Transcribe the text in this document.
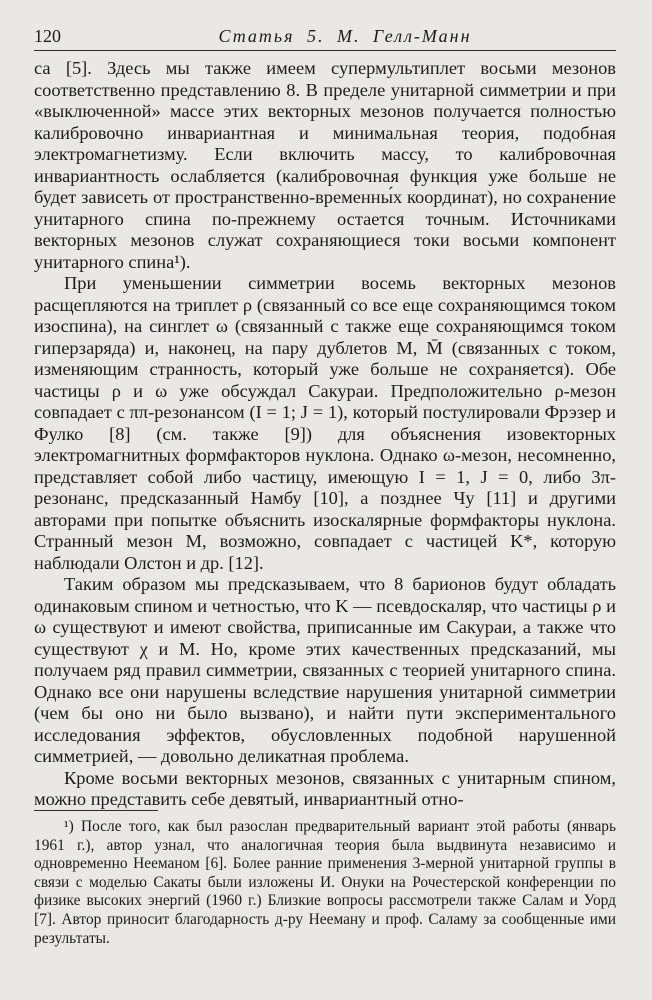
120	Статья 5. М. Гелл-Манн

са [5]. Здесь мы также имеем супермультиплет восьми мезонов соответственно представлению 8. В пределе унитарной симметрии и при «выключенной» массе этих векторных мезонов получается полностью калибровочно инвариантная и минимальная теория, подобная электромагнетизму. Если включить массу, то калибровочная инвариантность ослабляется (калибровочная функция уже больше не будет зависеть от пространственно-временны́х координат), но сохранение унитарного спина по-прежнему остается точным. Источниками векторных мезонов служат сохраняющиеся токи восьми компонент унитарного спина¹).

При уменьшении симметрии восемь векторных мезонов расщепляются на триплет ρ (связанный со все еще сохраняющимся током изоспина), на синглет ω (связанный с также еще сохраняющимся током гиперзаряда) и, наконец, на пару дублетов M, M̄ (связанных с током, изменяющим странность, который уже больше не сохраняется). Обе частицы ρ и ω уже обсуждал Сакураи. Предположительно ρ-мезон совпадает с ππ-резонансом (I = 1; J = 1), который постулировали Фрэзер и Фулко [8] (см. также [9]) для объяснения изовекторных электромагнитных формфакторов нуклона. Однако ω-мезон, несомненно, представляет собой либо частицу, имеющую I = 1, J = 0, либо 3π-резонанс, предсказанный Намбу [10], а позднее Чу [11] и другими авторами при попытке объяснить изоскалярные формфакторы нуклона. Странный мезон M, возможно, совпадает с частицей K*, которую наблюдали Олстон и др. [12].

Таким образом мы предсказываем, что 8 барионов будут обладать одинаковым спином и четностью, что K — псевдоскаляр, что частицы ρ и ω существуют и имеют свойства, приписанные им Сакураи, а также что существуют χ и M. Но, кроме этих качественных предсказаний, мы получаем ряд правил симметрии, связанных с теорией унитарного спина. Однако все они нарушены вследствие нарушения унитарной симметрии (чем бы оно ни было вызвано), и найти пути экспериментального исследования эффектов, обусловленных подобной нарушенной симметрией, — довольно деликатная проблема.

Кроме восьми векторных мезонов, связанных с унитарным спином, можно представить себе девятый, инвариантный отно-

¹) После того, как был разослан предварительный вариант этой работы (январь 1961 г.), автор узнал, что аналогичная теория была выдвинута независимо и одновременно Нееманом [6]. Более ранние применения 3-мерной унитарной группы в связи с моделью Сакаты были изложены И. Онуки на Рочестерской конференции по физике высоких энергий (1960 г.) Близкие вопросы рассмотрели также Салам и Уорд [7]. Автор приносит благодарность д-ру Нееману и проф. Саламу за сообщенные ими результаты.
